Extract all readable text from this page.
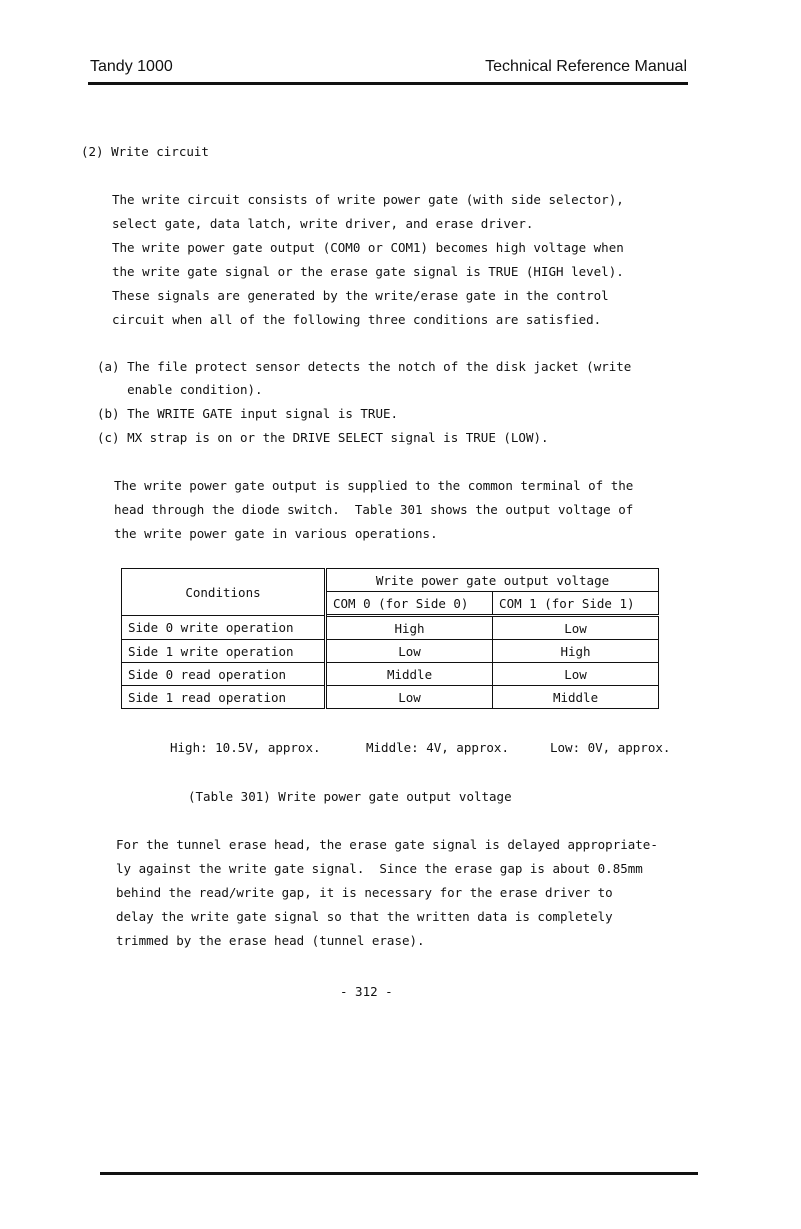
Tandy 1000	Technical Reference Manual
(2) Write circuit
The write circuit consists of write power gate (with side selector),
select gate, data latch, write driver, and erase driver.
The write power gate output (COM0 or COM1) becomes high voltage when
the write gate signal or the erase gate signal is TRUE (HIGH level).
These signals are generated by the write/erase gate in the control
circuit when all of the following three conditions are satisfied.
(a) The file protect sensor detects the notch of the disk jacket (write
enable condition).
(b) The WRITE GATE input signal is TRUE.
(c) MX strap is on or the DRIVE SELECT signal is TRUE (LOW).
The write power gate output is supplied to the common terminal of the
head through the diode switch.  Table 301 shows the output voltage of
the write power gate in various operations.
Conditions	Write power gate output voltage	
	COM 0 (for Side 0)	COM 1 (for Side 1)
Side 0 write operation	High	Low
Side 1 write operation	Low	High
Side 0 read operation	Middle	Low
Side 1 read operation	Low	Middle
High: 10.5V, approx.	Middle: 4V, approx.	Low: 0V, approx.
(Table 301) Write power gate output voltage
For the tunnel erase head, the erase gate signal is delayed appropriate-
ly against the write gate signal.  Since the erase gap is about 0.85mm
behind the read/write gap, it is necessary for the erase driver to
delay the write gate signal so that the written data is completely
trimmed by the erase head (tunnel erase).
- 312 -
